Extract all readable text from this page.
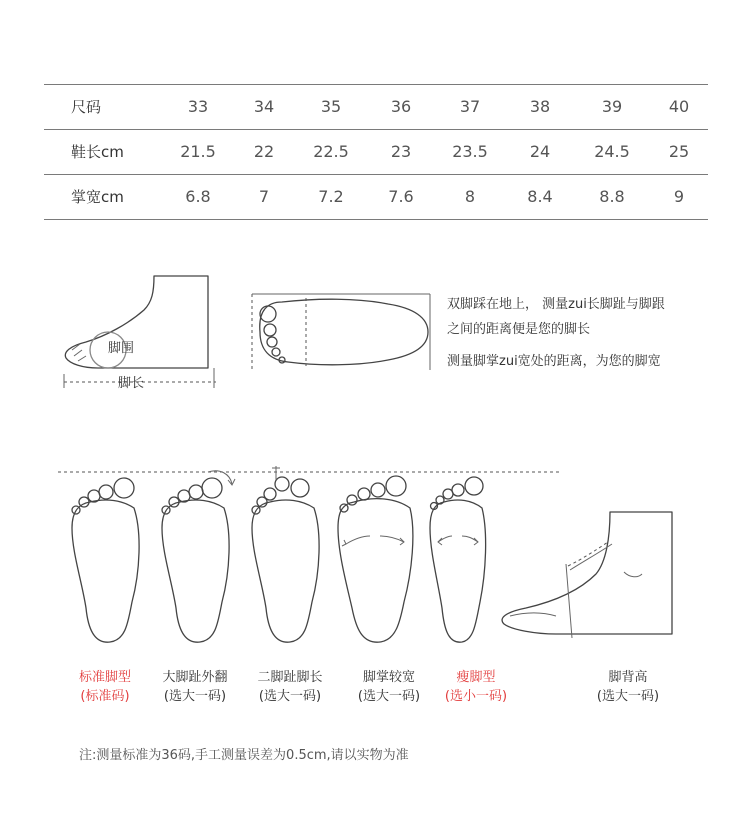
尺码	33	34	35	36	37	38	39	40
鞋长cm	21.5	22	22.5	23	23.5	24	24.5	25
掌宽cm	6.8	7	7.2	7.6	8	8.4	8.8	9
脚围
脚长
双脚踩在地上， 测量zui长脚趾与脚跟
之间的距离便是您的脚长
测量脚掌zui宽处的距离，为您的脚宽
标准脚型
(标准码)
大脚趾外翻
(选大一码)
二脚趾脚长
(选大一码)
脚掌较宽
(选大一码)
瘦脚型
(选小一码)
脚背高
(选大一码)
注:测量标准为36码,手工测量误差为0.5cm,请以实物为准
